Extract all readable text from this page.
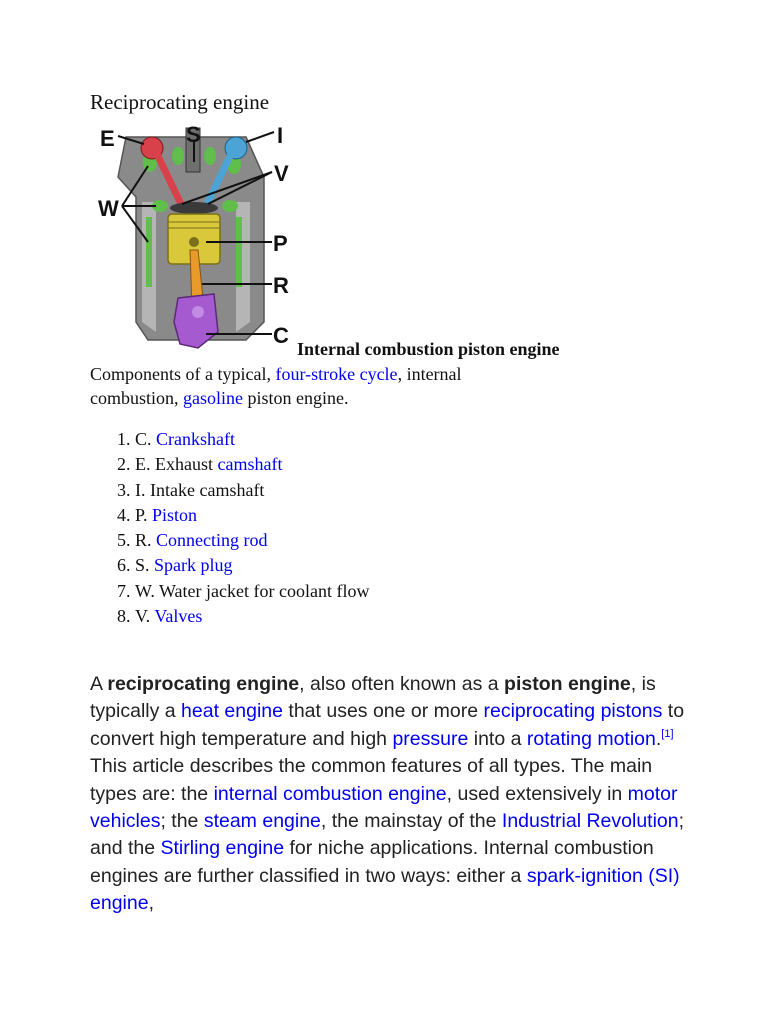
Reciprocating engine
E	S	I
V
W
P
R
C
Internal combustion piston engine
Components of a typical, four-stroke cycle, internal combustion, gasoline piston engine.
1. C. Crankshaft
2. E. Exhaust camshaft
3. I. Intake camshaft
4. P. Piston
5. R. Connecting rod
6. S. Spark plug
7. W. Water jacket for coolant flow
8. V. Valves

A reciprocating engine, also often known as a piston engine, is typically a heat engine that uses one or more reciprocating pistons to convert high temperature and high pressure into a rotating motion.[1] This article describes the common features of all types. The main types are: the internal combustion engine, used extensively in motor vehicles; the steam engine, the mainstay of the Industrial Revolution; and the Stirling engine for niche applications. Internal combustion engines are further classified in two ways: either a spark-ignition (SI) engine,
